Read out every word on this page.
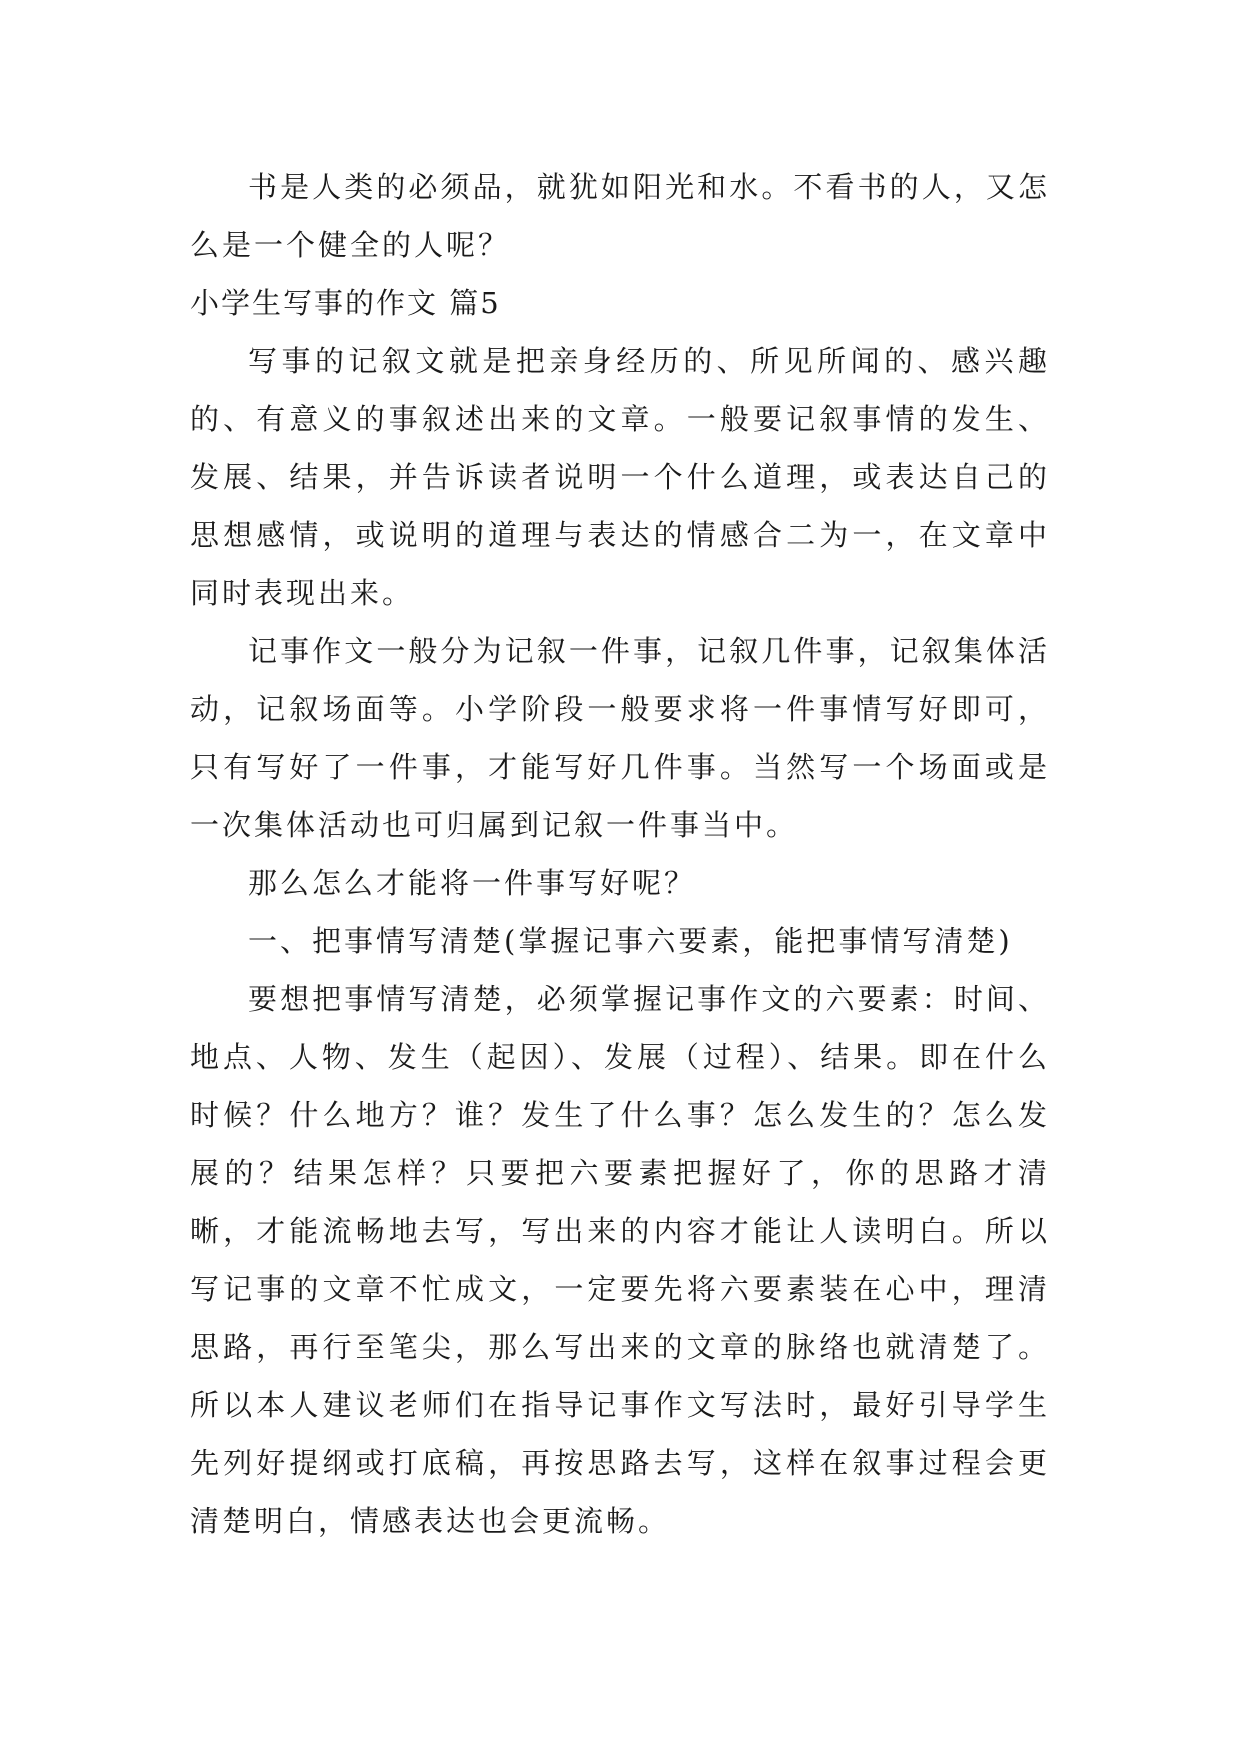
书是人类的必须品，就犹如阳光和水。不看书的人，又怎么是一个健全的人呢？

小学生写事的作文 篇5

写事的记叙文就是把亲身经历的、所见所闻的、感兴趣的、有意义的事叙述出来的文章。一般要记叙事情的发生、发展、结果，并告诉读者说明一个什么道理，或表达自己的思想感情，或说明的道理与表达的情感合二为一，在文章中同时表现出来。

记事作文一般分为记叙一件事，记叙几件事，记叙集体活动，记叙场面等。小学阶段一般要求将一件事情写好即可，只有写好了一件事，才能写好几件事。当然写一个场面或是一次集体活动也可归属到记叙一件事当中。

那么怎么才能将一件事写好呢？

一、把事情写清楚(掌握记事六要素，能把事情写清楚)

要想把事情写清楚，必须掌握记事作文的六要素：时间、地点、人物、发生（起因）、发展（过程）、结果。即在什么时候？什么地方？谁？发生了什么事？怎么发生的？怎么发展的？结果怎样？只要把六要素把握好了，你的思路才清晰，才能流畅地去写，写出来的内容才能让人读明白。所以写记事的文章不忙成文，一定要先将六要素装在心中，理清思路，再行至笔尖，那么写出来的文章的脉络也就清楚了。所以本人建议老师们在指导记事作文写法时，最好引导学生先列好提纲或打底稿，再按思路去写，这样在叙事过程会更清楚明白，情感表达也会更流畅。
